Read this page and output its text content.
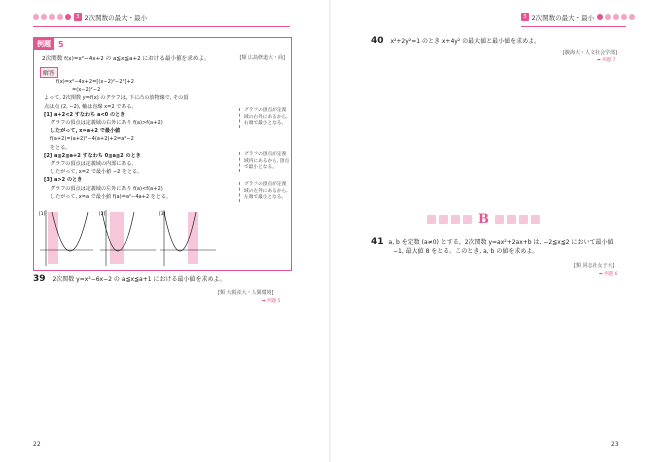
3 2次関数の最大・最小
例題 5
2次関数 f(x)=x²−4x+2 の a≦x≦a+2 における最小値を求めよ。	[類 広島修道大・商]
解答
f(x)=x²−4x+2=[(x−2)²−2²]+2
=(x−2)²−2
よって, 2次関数 y=f(x) のグラフは, 下に凸の放物線で, その頂
点は点 (2, −2), 軸は直線 x=2 である。
[1] a+2<2 すなわち a<0 のとき
グラフの頂点は定義域の右外にあり f(a)>f(a+2)
したがって, x=a+2 で最小値
f(a+2)=(a+2)²−4(a+2)+2=a²−2
をとる。
[2] a≦2≦a+2 すなわち 0≦a≦2 のとき
グラフの頂点は定義域の内部にある。
したがって, x=2 で最小値 −2 をとる。
[3] a>2 のとき
グラフの頂点は定義域の左外にあり f(a)<f(a+2)
したがって, x=a で最小値 f(a)=a²−4a+2 をとる。
グラフの頂点が定義域の右外にあるから, 右端で最小となる。
グラフの頂点が定義域内にあるから, 頂点で最小となる。
グラフの頂点が定義域の左外にあるから, 左端で最小となる。
[1]	[2]	[3]
39 2次関数 y=x²−6x−2 の a≦x≦a+1 における最小値を求めよ。
[類 大阪産大・人間環境]
➡ 例題 5
22
3 2次関数の最大・最小
40 x²+2y²=1 のとき x+4y² の最大値と最小値を求めよ。
[駿海大・人文社会学部]
➡ 例題 7
B
41 a, b を定数 (a≠0) とする。2次関数 y=ax²+2ax+b は, −2≦x≦2 において最小値
−1, 最大値 8 をとる。このとき, a, b の値を求めよ。
[類 同志社女子大]
➡ 例題 6
23
